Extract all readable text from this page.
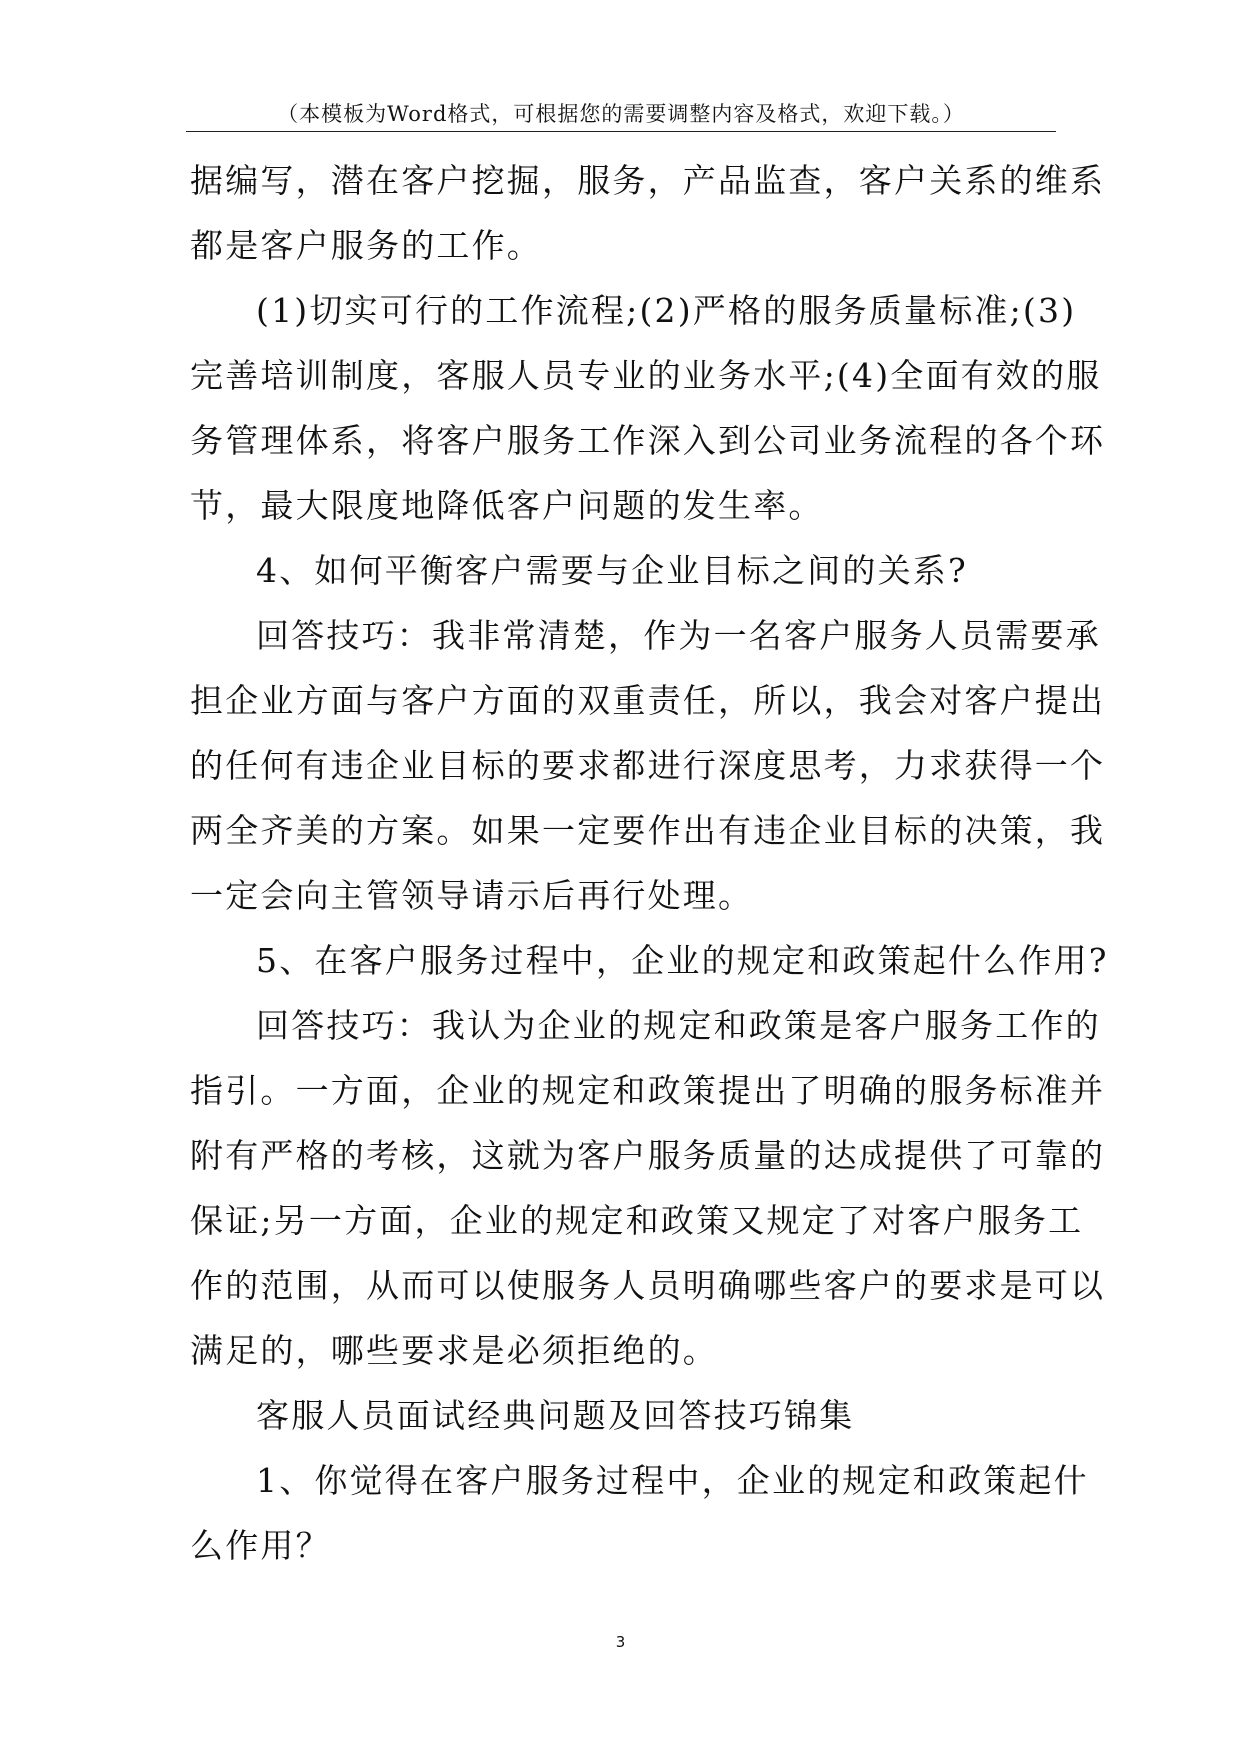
（本模板为Word格式，可根据您的需要调整内容及格式，欢迎下载。）
据编写，潜在客户挖掘，服务，产品监查，客户关系的维系
都是客户服务的工作。
(1)切实可行的工作流程;(2)严格的服务质量标准;(3)
完善培训制度，客服人员专业的业务水平;(4)全面有效的服
务管理体系，将客户服务工作深入到公司业务流程的各个环
节，最大限度地降低客户问题的发生率。
4、如何平衡客户需要与企业目标之间的关系?
回答技巧：我非常清楚，作为一名客户服务人员需要承
担企业方面与客户方面的双重责任，所以，我会对客户提出
的任何有违企业目标的要求都进行深度思考，力求获得一个
两全齐美的方案。如果一定要作出有违企业目标的决策，我
一定会向主管领导请示后再行处理。
5、在客户服务过程中，企业的规定和政策起什么作用?
回答技巧：我认为企业的规定和政策是客户服务工作的
指引。一方面，企业的规定和政策提出了明确的服务标准并
附有严格的考核，这就为客户服务质量的达成提供了可靠的
保证;另一方面，企业的规定和政策又规定了对客户服务工
作的范围，从而可以使服务人员明确哪些客户的要求是可以
满足的，哪些要求是必须拒绝的。
客服人员面试经典问题及回答技巧锦集
1、你觉得在客户服务过程中，企业的规定和政策起什
么作用？
3
